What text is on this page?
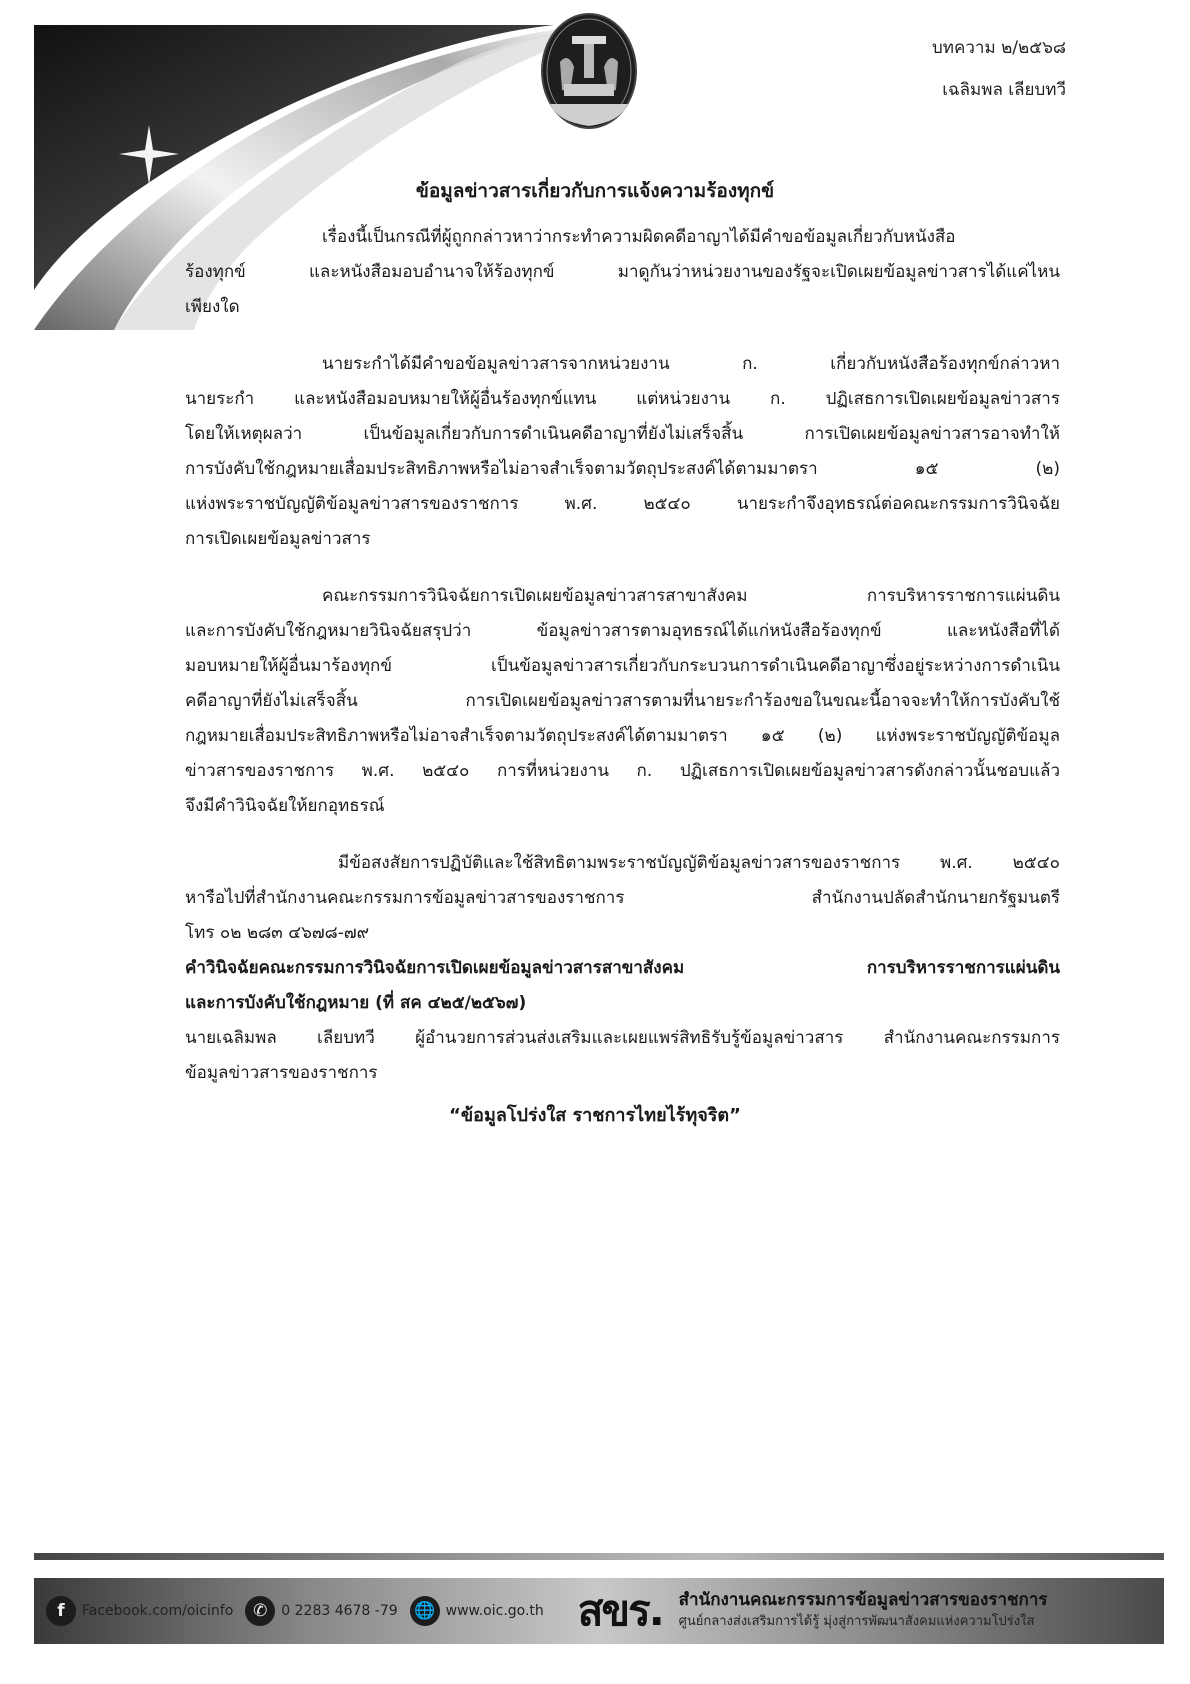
บทความ ๒/๒๕๖๘
เฉลิมพล เลียบทวี
ข้อมูลข่าวสารเกี่ยวกับการแจ้งความร้องทุกข์
เรื่องนี้เป็นกรณีที่ผู้ถูกกล่าวหาว่ากระทำความผิดคดีอาญาได้มีคำขอข้อมูลเกี่ยวกับหนังสือ
ร้องทุกข์ และหนังสือมอบอำนาจให้ร้องทุกข์ มาดูกันว่าหน่วยงานของรัฐจะเปิดเผยข้อมูลข่าวสารได้แค่ไหน
เพียงใด
นายระกำได้มีคำขอข้อมูลข่าวสารจากหน่วยงาน ก. เกี่ยวกับหนังสือร้องทุกข์กล่าวหา
นายระกำ และหนังสือมอบหมายให้ผู้อื่นร้องทุกข์แทน แต่หน่วยงาน ก. ปฏิเสธการเปิดเผยข้อมูลข่าวสาร
โดยให้เหตุผลว่า เป็นข้อมูลเกี่ยวกับการดำเนินคดีอาญาที่ยังไม่เสร็จสิ้น การเปิดเผยข้อมูลข่าวสารอาจทำให้
การบังคับใช้กฎหมายเสื่อมประสิทธิภาพหรือไม่อาจสำเร็จตามวัตถุประสงค์ได้ตามมาตรา ๑๕ (๒)
แห่งพระราชบัญญัติข้อมูลข่าวสารของราชการ พ.ศ. ๒๕๔๐ นายระกำจึงอุทธรณ์ต่อคณะกรรมการวินิจฉัย
การเปิดเผยข้อมูลข่าวสาร
คณะกรรมการวินิจฉัยการเปิดเผยข้อมูลข่าวสารสาขาสังคม การบริหารราชการแผ่นดิน
และการบังคับใช้กฎหมายวินิจฉัยสรุปว่า ข้อมูลข่าวสารตามอุทธรณ์ได้แก่หนังสือร้องทุกข์ และหนังสือที่ได้
มอบหมายให้ผู้อื่นมาร้องทุกข์ เป็นข้อมูลข่าวสารเกี่ยวกับกระบวนการดำเนินคดีอาญาซึ่งอยู่ระหว่างการดำเนิน
คดีอาญาที่ยังไม่เสร็จสิ้น การเปิดเผยข้อมูลข่าวสารตามที่นายระกำร้องขอในขณะนี้อาจจะทำให้การบังคับใช้
กฎหมายเสื่อมประสิทธิภาพหรือไม่อาจสำเร็จตามวัตถุประสงค์ได้ตามมาตรา ๑๕ (๒) แห่งพระราชบัญญัติข้อมูล
ข่าวสารของราชการ พ.ศ. ๒๕๔๐ การที่หน่วยงาน ก. ปฏิเสธการเปิดเผยข้อมูลข่าวสารดังกล่าวนั้นชอบแล้ว
จึงมีคำวินิจฉัยให้ยกอุทธรณ์
มีข้อสงสัยการปฏิบัติและใช้สิทธิตามพระราชบัญญัติข้อมูลข่าวสารของราชการ พ.ศ. ๒๕๔๐
หารือไปที่สำนักงานคณะกรรมการข้อมูลข่าวสารของราชการ สำนักงานปลัดสำนักนายกรัฐมนตรี
โทร ๐๒ ๒๘๓ ๔๖๗๘-๗๙
คำวินิจฉัยคณะกรรมการวินิจฉัยการเปิดเผยข้อมูลข่าวสารสาขาสังคม การบริหารราชการแผ่นดิน
และการบังคับใช้กฎหมาย (ที่ สค ๔๒๕/๒๕๖๗)
นายเฉลิมพล เลียบทวี ผู้อำนวยการส่วนส่งเสริมและเผยแพร่สิทธิรับรู้ข้อมูลข่าวสาร สำนักงานคณะกรรมการ
ข้อมูลข่าวสารของราชการ
“ข้อมูลโปร่งใส ราชการไทยไร้ทุจริต”
f	Facebook.com/oicinfo	✆ 0 2283 4678 -79 🌐 www.oic.go.th สขร. สำนักงานคณะกรรมการข้อมูลข่าวสารของราชการ
ศูนย์กลางส่งเสริมการได้รู้ มุ่งสู่การพัฒนาสังคมแห่งความโปร่งใส
